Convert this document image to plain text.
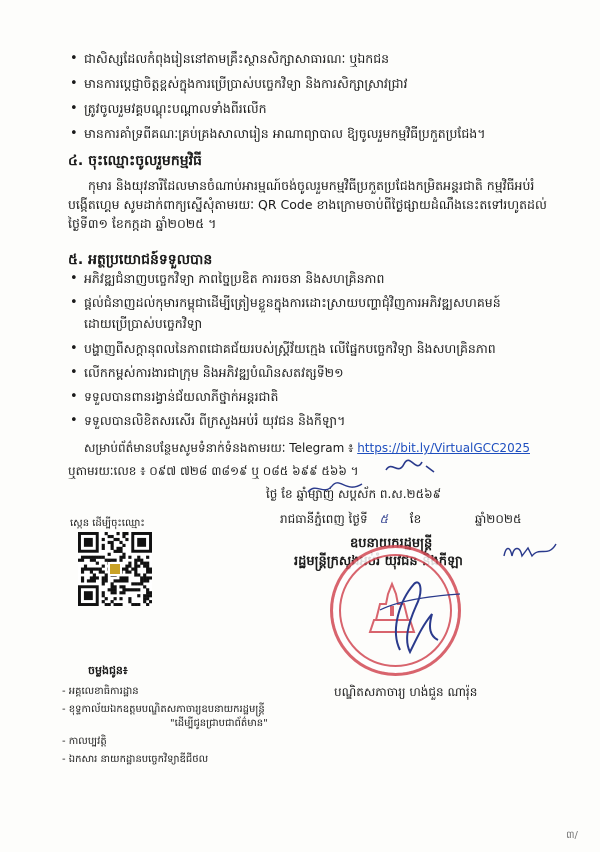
• ជាសិស្សដែលកំពុងរៀននៅតាមគ្រឹះស្ថានសិក្សាសាធារណៈ ឬឯកជន
• មានការប្តេជ្ញាចិត្តខ្ពស់ក្នុងការប្រើប្រាស់បច្ចេកវិទ្យា និងការសិក្សាស្រាវជ្រាវ
• ត្រូវចូលរួមវគ្គបណ្តុះបណ្តាលទាំងពីរលើក
• មានការគាំទ្រពីគណៈគ្រប់គ្រងសាលារៀន អាណាព្យាបាល ឱ្យចូលរួមកម្មវិធីប្រកួតប្រជែង។
៤. ចុះឈ្មោះចូលរួមកម្មវិធី
កុមារ និងយុវនារីដែលមានចំណាប់អារម្មណ៍ចង់ចូលរួមកម្មវិធីប្រកួតប្រជែងកម្រិតអន្តរជាតិ កម្មវិធីអប់រំបង្កើតហ្គេម សូមដាក់ពាក្យស្នើសុំតាមរយៈ QR Code ខាងក្រោមចាប់ពីថ្ងៃផ្សាយដំណឹងនេះតទៅរហូតដល់ថ្ងៃទី៣១ ខែកក្កដា ឆ្នាំ២០២៥ ។
៥. អត្ថប្រយោជន៍ទទួលបាន
• អភិវឌ្ឍជំនាញបច្ចេកវិទ្យា ភាពច្នៃប្រឌិត ការរចនា និងសហគ្រិនភាព
• ផ្តល់ជំនាញដល់កុមារកម្ពុជាដើម្បីត្រៀមខ្លួនក្នុងការដោះស្រាយបញ្ហាជុំវិញការអភិវឌ្ឍសហគមន៍
ដោយប្រើប្រាស់បច្ចេកវិទ្យា
• បង្ហាញពីសក្តានុពលនៃភាពជោគជ័យរបស់ស្ត្រីវ័យក្មេង លើផ្នែកបច្ចេកវិទ្យា និងសហគ្រិនភាព
• លើកកម្ពស់ការងារជាក្រុម និងអភិវឌ្ឍបំណិនសតវត្សទី២១
• ទទួលបានពានរង្វាន់ជ័យលាភីថ្នាក់អន្តរជាតិ
• ទទួលបានលិខិតសរសើរ ពីក្រសួងអប់រំ យុវជន និងកីឡា។
សម្រាប់ព័ត៌មានបន្ថែមសូមទំនាក់ទំនងតាមរយៈ Telegram ៖ https://bit.ly/VirtualGCC2025
ឬតាមរយៈលេខ ៖ ០៩៧ ៧២៨ ៣៨១៩ ឬ ០៨៥ ៦៩៩ ៥៦៦ ។
ថ្ងៃ ខែ ឆ្នាំម្សាញ់ សប្តស័ក ព.ស.២៥៦៩
រាជធានីភ្នំពេញ ថ្ងៃទី ៥ ខែ	ឆ្នាំ២០២៥
ឧបនាយករដ្ឋមន្ត្រី
រដ្ឋមន្ត្រីក្រសួងអប់រំ យុវជន និងកីឡា
បណ្ឌិតសភាចារ្យ ហង់ជួន ណារ៉ុន
ស្កេន ដើម្បីចុះឈ្មោះ
ចម្លងជូន៖
- អគ្គលេខាធិការដ្ឋាន
- ខុទ្ទកាល័យឯកឧត្តមបណ្ឌិតសភាចារ្យឧបនាយករដ្ឋមន្ត្រី
"ដើម្បីជូនជ្រាបជាព័ត៌មាន"
- កាលប្បវត្តិ
- ឯកសារ នាយកដ្ឋានបច្ចេកវិទ្យាឌីជីថល
៣/
